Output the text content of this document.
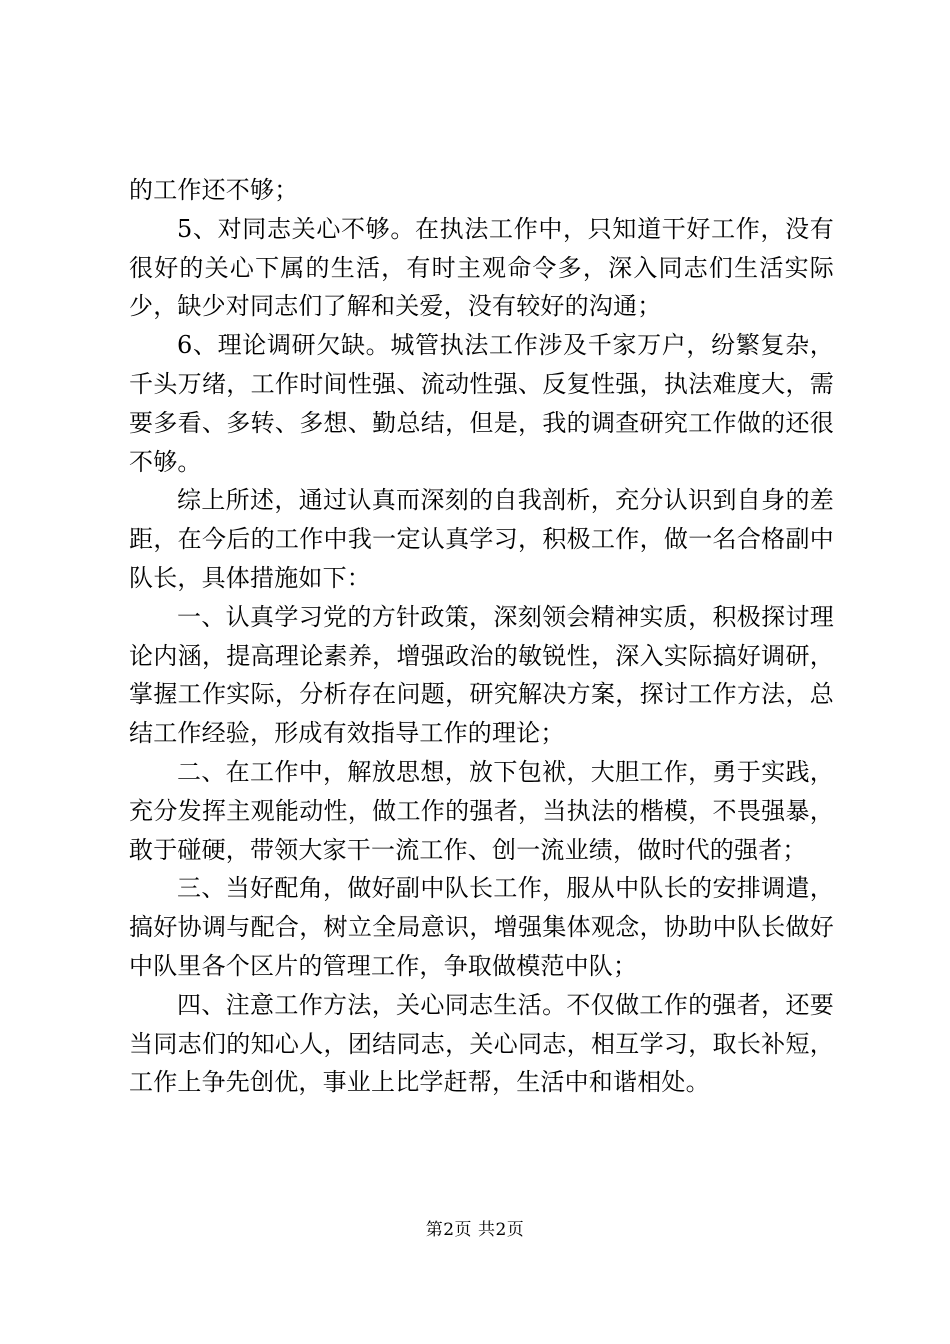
的工作还不够；

5、对同志关心不够。在执法工作中，只知道干好工作，没有很好的关心下属的生活，有时主观命令多，深入同志们生活实际少，缺少对同志们了解和关爱，没有较好的沟通；

6、理论调研欠缺。城管执法工作涉及千家万户，纷繁复杂，千头万绪，工作时间性强、流动性强、反复性强，执法难度大，需要多看、多转、多想、勤总结，但是，我的调查研究工作做的还很不够。

综上所述，通过认真而深刻的自我剖析，充分认识到自身的差距，在今后的工作中我一定认真学习，积极工作，做一名合格副中队长，具体措施如下：

一、认真学习党的方针政策，深刻领会精神实质，积极探讨理论内涵，提高理论素养，增强政治的敏锐性，深入实际搞好调研，掌握工作实际，分析存在问题，研究解决方案，探讨工作方法，总结工作经验，形成有效指导工作的理论；

二、在工作中，解放思想，放下包袱，大胆工作，勇于实践，充分发挥主观能动性，做工作的强者，当执法的楷模，不畏强暴，敢于碰硬，带领大家干一流工作、创一流业绩，做时代的强者；

三、当好配角，做好副中队长工作，服从中队长的安排调遣，搞好协调与配合，树立全局意识，增强集体观念，协助中队长做好中队里各个区片的管理工作，争取做模范中队；

四、注意工作方法，关心同志生活。不仅做工作的强者，还要当同志们的知心人，团结同志，关心同志，相互学习，取长补短，工作上争先创优，事业上比学赶帮，生活中和谐相处。

第2页 共2页
